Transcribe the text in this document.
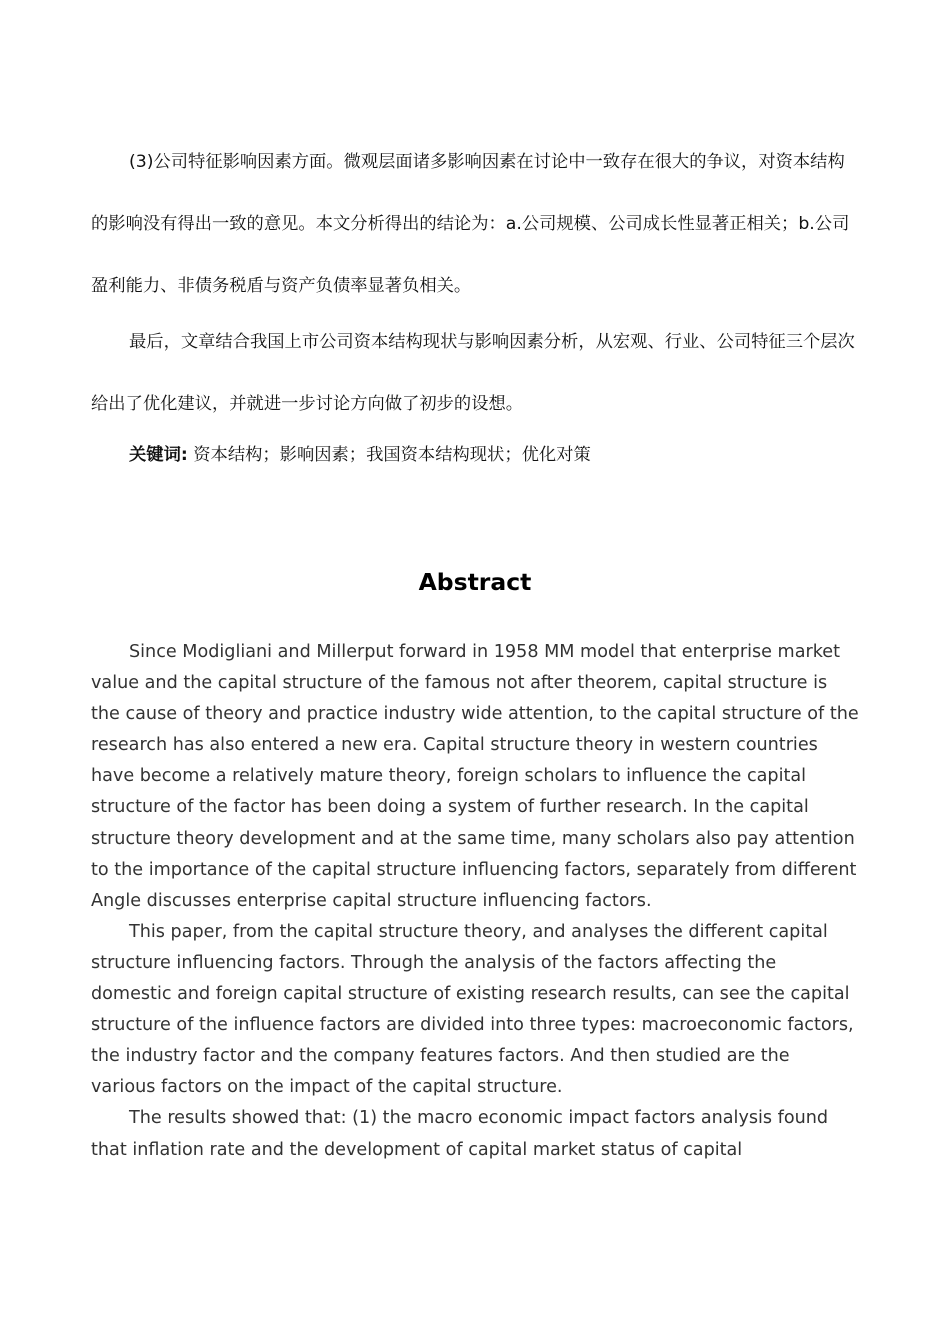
(3)公司特征影响因素方面。微观层面诸多影响因素在讨论中一致存在很大的争议，对资本结构的影响没有得出一致的意见。本文分析得出的结论为：a.公司规模、公司成长性显著正相关；b.公司盈利能力、非债务税盾与资产负债率显著负相关。

最后，文章结合我国上市公司资本结构现状与影响因素分析，从宏观、行业、公司特征三个层次给出了优化建议，并就进一步讨论方向做了初步的设想。

关键词: 资本结构；影响因素；我国资本结构现状；优化对策

Abstract

Since Modigliani and Millerput forward in 1958 MM model that enterprise market value and the capital structure of the famous not after theorem, capital structure is the cause of theory and practice industry wide attention, to the capital structure of the research has also entered a new era. Capital structure theory in western countries have become a relatively mature theory, foreign scholars to influence the capital structure of the factor has been doing a system of further research. In the capital structure theory development and at the same time, many scholars also pay attention to the importance of the capital structure influencing factors, separately from different Angle discusses enterprise capital structure influencing factors.

This paper, from the capital structure theory, and analyses the different capital structure influencing factors. Through the analysis of the factors affecting the domestic and foreign capital structure of existing research results, can see the capital structure of the influence factors are divided into three types: macroeconomic factors, the industry factor and the company features factors. And then studied are the various factors on the impact of the capital structure.

The results showed that: (1) the macro economic impact factors analysis found that inflation rate and the development of capital market status of capital
